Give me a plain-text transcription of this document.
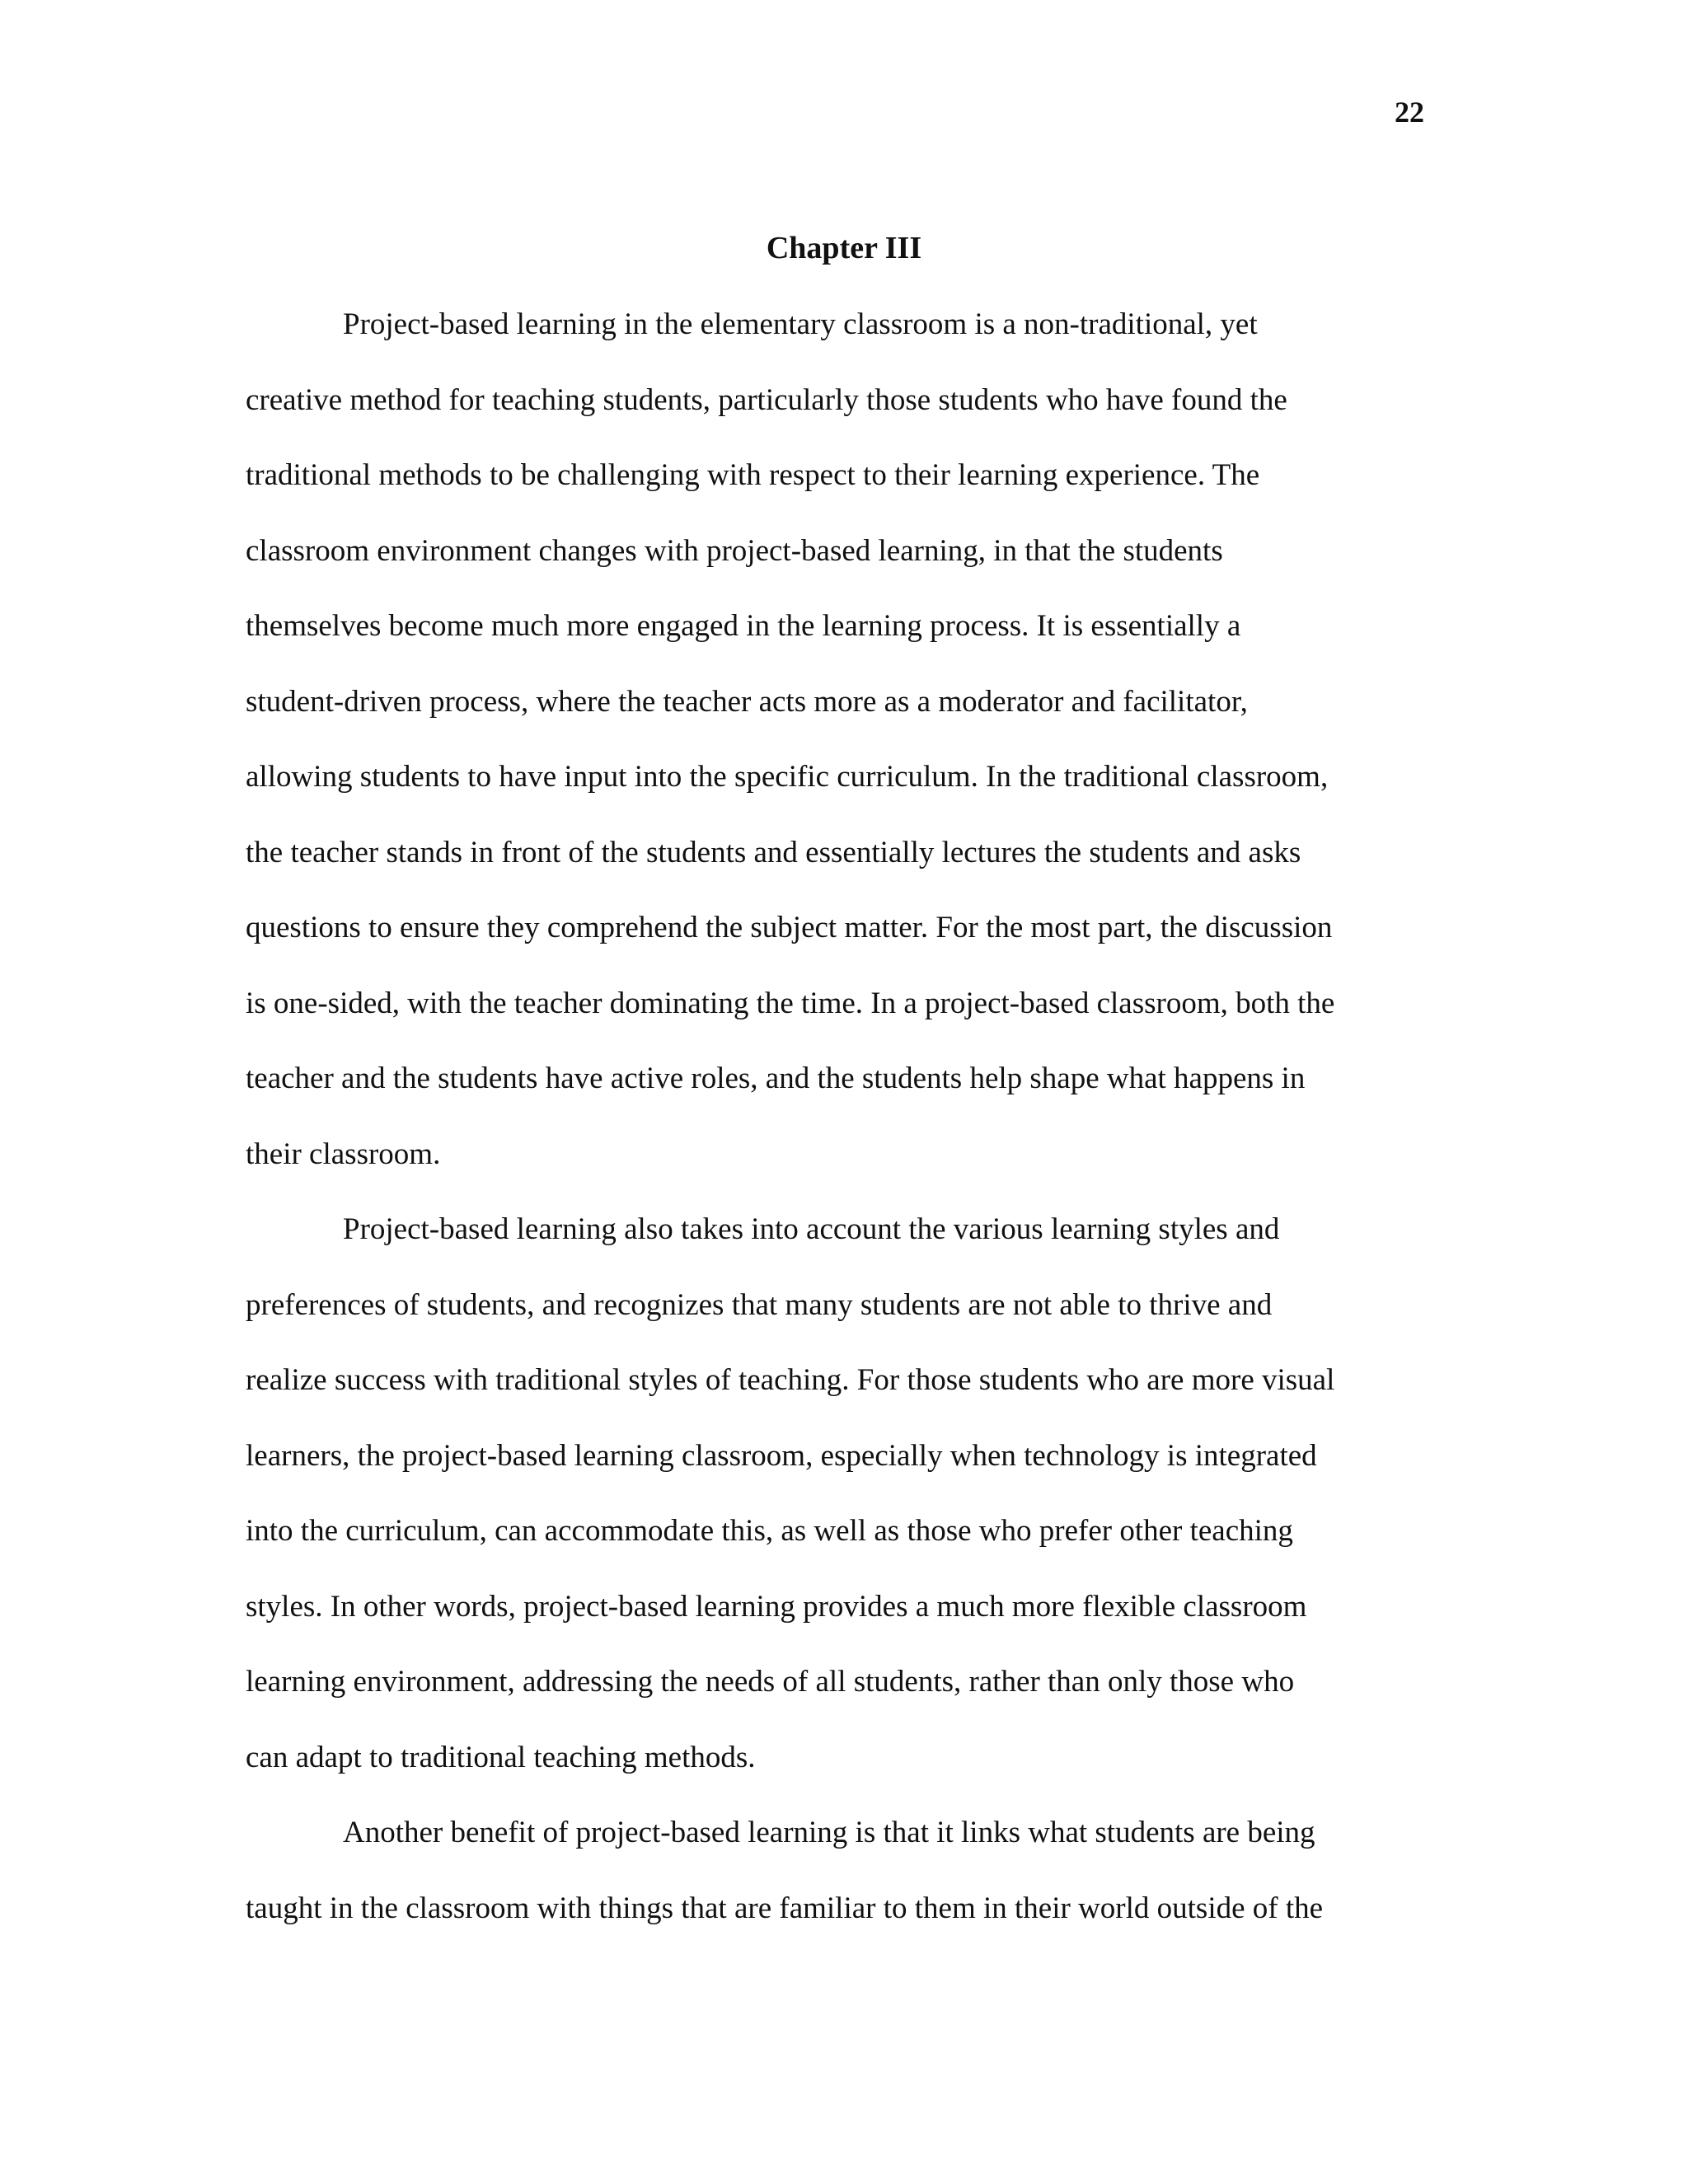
22
Chapter III
Project-based learning in the elementary classroom is a non-traditional, yet
creative method for teaching students, particularly those students who have found the
traditional methods to be challenging with respect to their learning experience. The
classroom environment changes with project-based learning, in that the students
themselves become much more engaged in the learning process. It is essentially a
student-driven process, where the teacher acts more as a moderator and facilitator,
allowing students to have input into the specific curriculum. In the traditional classroom,
the teacher stands in front of the students and essentially lectures the students and asks
questions to ensure they comprehend the subject matter. For the most part, the discussion
is one-sided, with the teacher dominating the time. In a project-based classroom, both the
teacher and the students have active roles, and the students help shape what happens in
their classroom.
Project-based learning also takes into account the various learning styles and
preferences of students, and recognizes that many students are not able to thrive and
realize success with traditional styles of teaching. For those students who are more visual
learners, the project-based learning classroom, especially when technology is integrated
into the curriculum, can accommodate this, as well as those who prefer other teaching
styles. In other words, project-based learning provides a much more flexible classroom
learning environment, addressing the needs of all students, rather than only those who
can adapt to traditional teaching methods.
Another benefit of project-based learning is that it links what students are being
taught in the classroom with things that are familiar to them in their world outside of the
